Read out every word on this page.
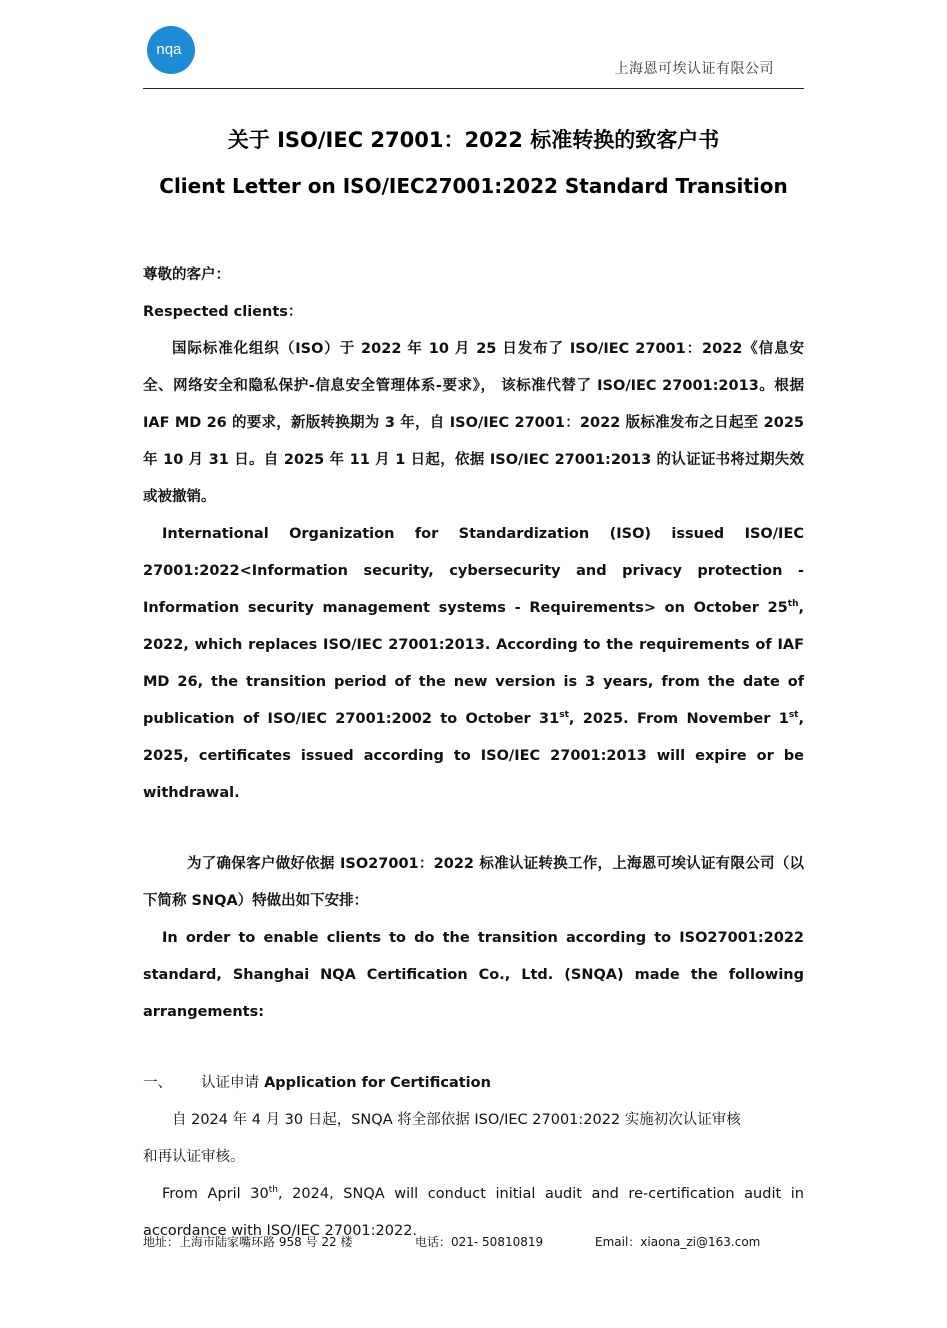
nqa.
上海恩可埃认证有限公司
关于 ISO/IEC 27001：2022 标准转换的致客户书
Client Letter on ISO/IEC27001:2022 Standard Transition

尊敬的客户：

Respected clients：

国际标准化组织（ISO）于 2022 年 10 月 25 日发布了 ISO/IEC 27001：2022《信息安全、网络安全和隐私保护-信息安全管理体系-要求》， 该标准代替了 ISO/IEC 27001:2013。根据 IAF MD 26 的要求，新版转换期为 3 年，自 ISO/IEC 27001：2022 版标准发布之日起至 2025 年 10 月 31 日。自 2025 年 11 月 1 日起，依据 ISO/IEC 27001:2013 的认证证书将过期失效或被撤销。

International Organization for Standardization (ISO) issued ISO/IEC 27001:2022<Information security, cybersecurity and privacy protection - Information security management systems - Requirements> on October 25th, 2022, which replaces ISO/IEC 27001:2013. According to the requirements of IAF MD 26, the transition period of the new version is 3 years, from the date of publication of ISO/IEC 27001:2002 to October 31st, 2025. From November 1st, 2025, certificates issued according to ISO/IEC 27001:2013 will expire or be withdrawal.

为了确保客户做好依据 ISO27001：2022 标准认证转换工作，上海恩可埃认证有限公司（以下简称 SNQA）特做出如下安排：

In order to enable clients to do the transition according to ISO27001:2022 standard, Shanghai NQA Certification Co., Ltd. (SNQA) made the following arrangements:

一、 认证申请 Application for Certification

自 2024 年 4 月 30 日起，SNQA 将全部依据 ISO/IEC 27001:2022 实施初次认证审核和再认证审核。

From April 30th, 2024, SNQA will conduct initial audit and re-certification audit in accordance with ISO/IEC 27001:2022.

地址：上海市陆家嘴环路 958 号 22 楼	电话：021- 50810819	Email：xiaona_zi@163.com
